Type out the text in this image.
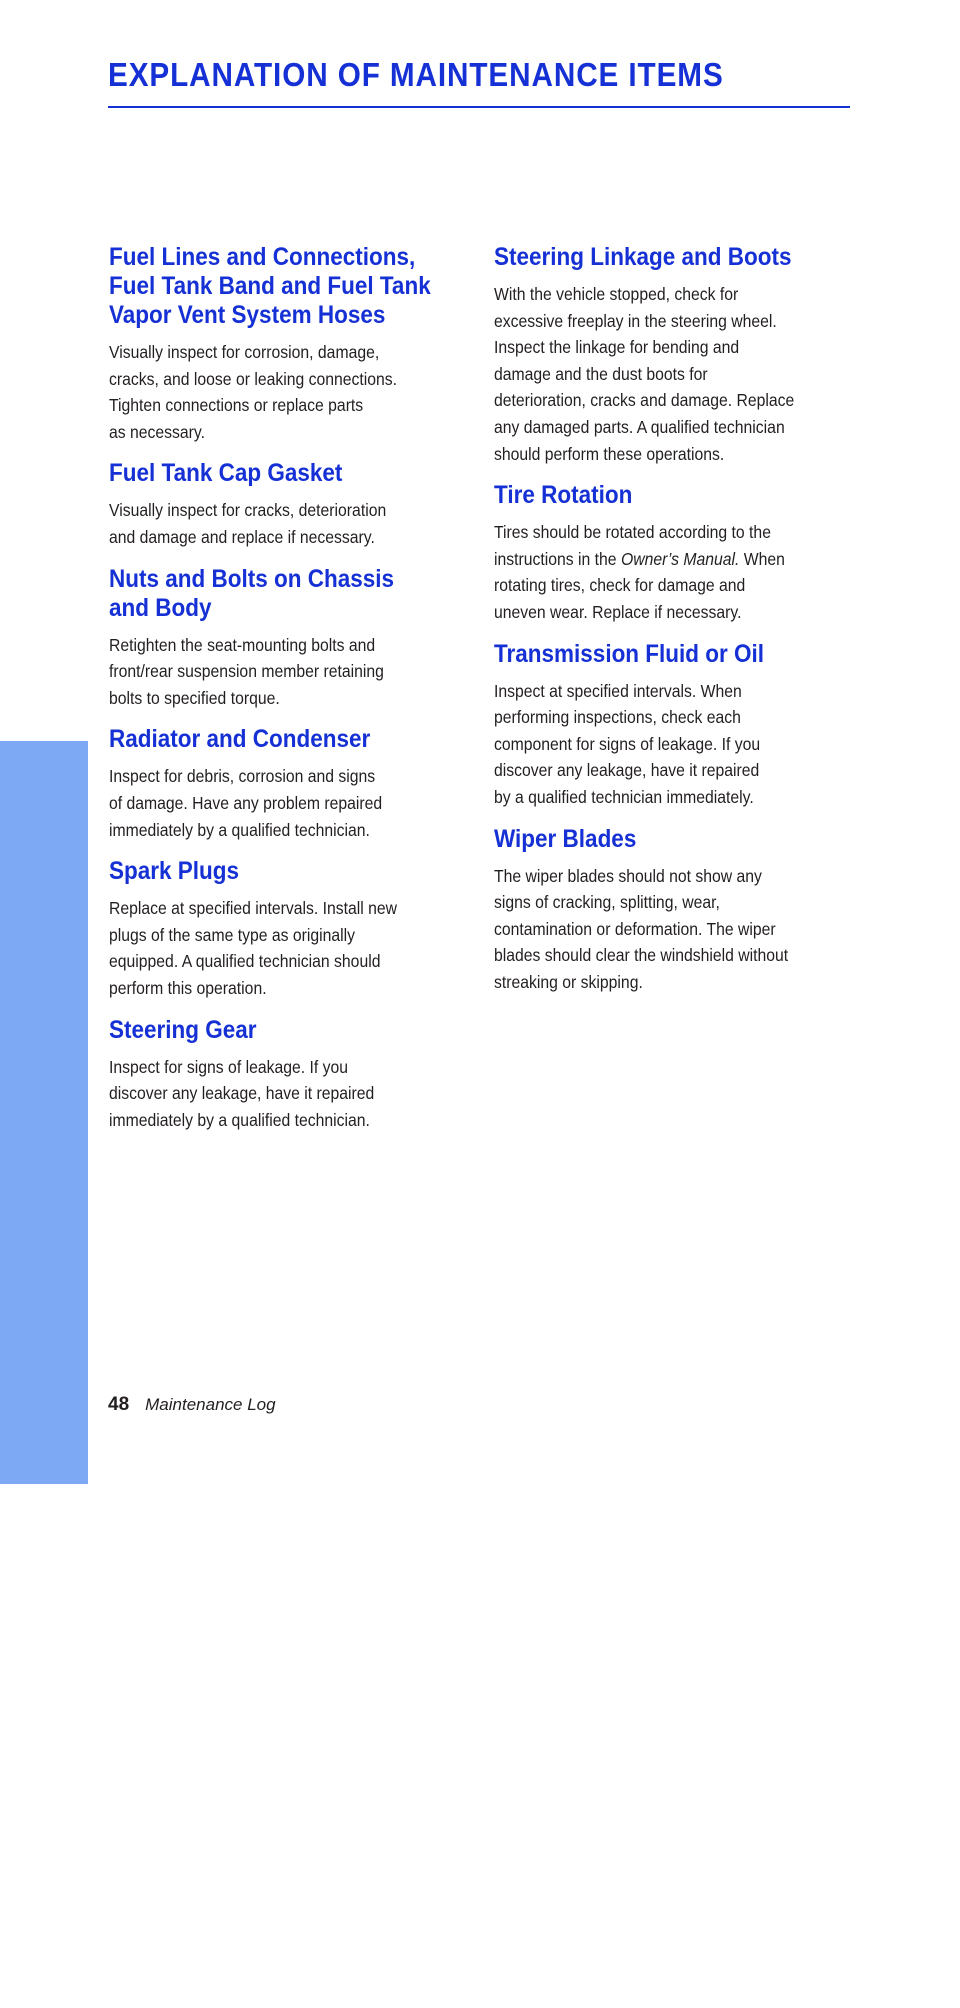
EXPLANATION OF MAINTENANCE ITEMS
MAINTENANCE
Fuel Lines and Connections,
Fuel Tank Band and Fuel Tank
Vapor Vent System Hoses

Visually inspect for corrosion, damage,
cracks, and loose or leaking connections.
Tighten connections or replace parts
as necessary.

Fuel Tank Cap Gasket

Visually inspect for cracks, deterioration
and damage and replace if necessary.

Nuts and Bolts on Chassis
and Body

Retighten the seat-mounting bolts and
front/rear suspension member retaining
bolts to specified torque.

Radiator and Condenser

Inspect for debris, corrosion and signs
of damage. Have any problem repaired
immediately by a qualified technician.

Spark Plugs

Replace at specified intervals. Install new
plugs of the same type as originally
equipped. A qualified technician should
perform this operation.

Steering Gear

Inspect for signs of leakage. If you
discover any leakage, have it repaired
immediately by a qualified technician.

Steering Linkage and Boots

With the vehicle stopped, check for
excessive freeplay in the steering wheel.
Inspect the linkage for bending and
damage and the dust boots for
deterioration, cracks and damage. Replace
any damaged parts. A qualified technician
should perform these operations.

Tire Rotation

Tires should be rotated according to the
instructions in the Owner’s Manual. When
rotating tires, check for damage and
uneven wear. Replace if necessary.

Transmission Fluid or Oil

Inspect at specified intervals. When
performing inspections, check each
component for signs of leakage. If you
discover any leakage, have it repaired
by a qualified technician immediately.

Wiper Blades

The wiper blades should not show any
signs of cracking, splitting, wear,
contamination or deformation. The wiper
blades should clear the windshield without
streaking or skipping.

48 Maintenance Log
